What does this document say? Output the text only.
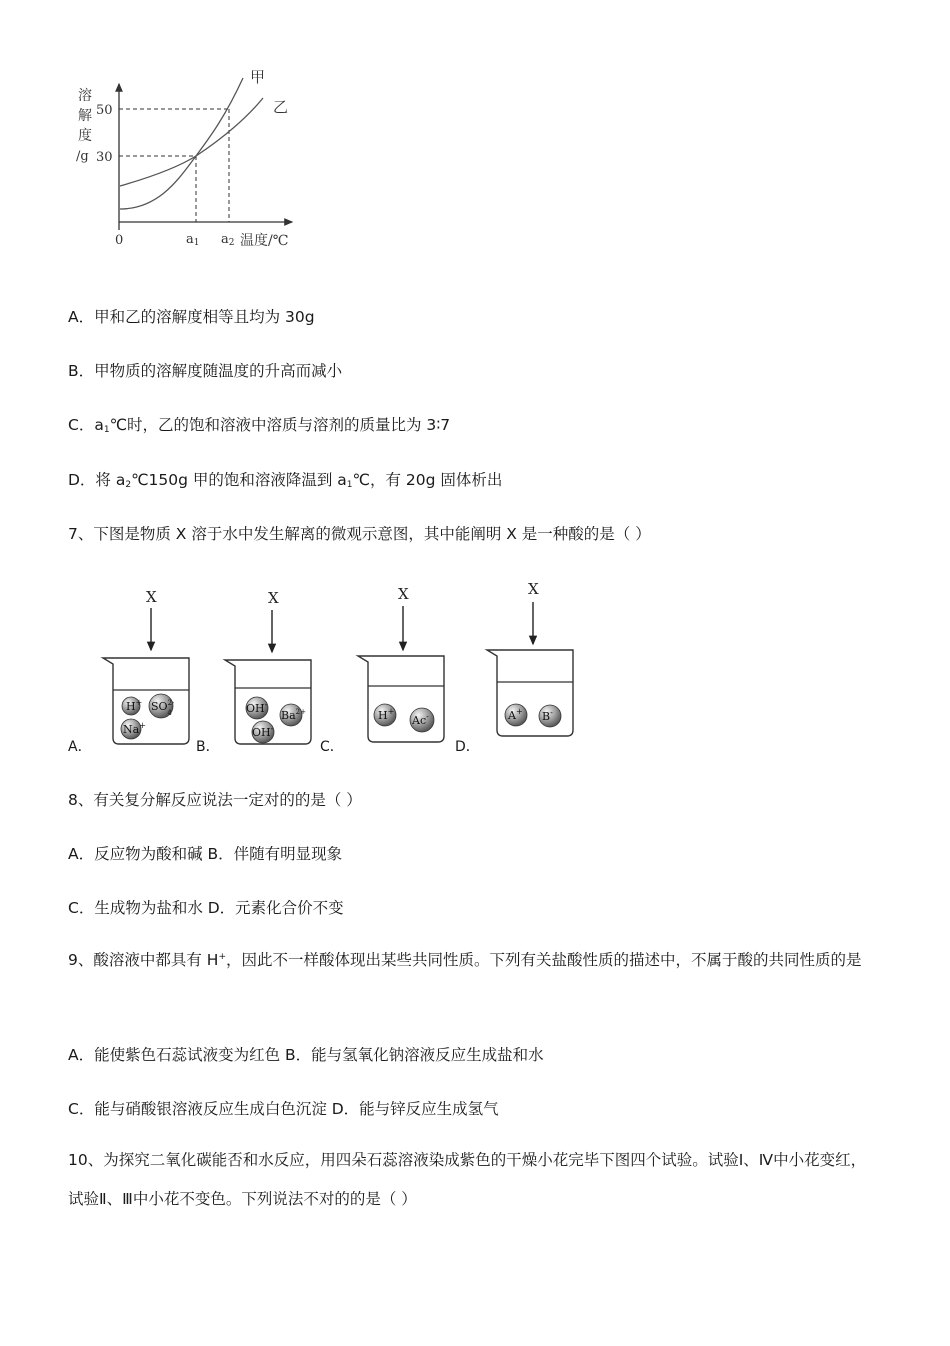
溶
解
度
/g
50
30
0	a1 a2 温度/℃
甲
乙
A．甲和乙的溶解度相等且均为 30g
B．甲物质的溶解度随温度的升高而减小
C．$a_1℃$时，乙的饱和溶液中溶质与溶剂的质量比为 3∶7
D．将 $a_2℃150g$ 甲的饱和溶液降温到 $a_1℃$，有 20g 固体析出
7、下图是物质 X 溶于水中发生解离的微观示意图，其中能阐明 X 是一种酸的是（ ）
X
H+ $SO^{2-}4$
Na+
X
OH-
$Ba^{2+}$
OH-
X
H+
Ac-
X
A+ B-
A．	B．	C．	D．
8、有关复分解反应说法一定对的的是（ ）
A．反应物为酸和碱 B．伴随有明显现象
C．生成物为盐和水 D．元素化合价不变
9、酸溶液中都具有 H+，因此不一样酸体现出某些共同性质。下列有关盐酸性质的描述中，不属于酸的共同性质的是
A．能使紫色石蕊试液变为红色 B．能与氢氧化钠溶液反应生成盐和水
C．能与硝酸银溶液反应生成白色沉淀 D．能与锌反应生成氢气
10、为探究二氧化碳能否和水反应，用四朵石蕊溶液染成紫色的干燥小花完毕下图四个试验。试验Ⅰ、Ⅳ中小花变红，试验Ⅱ、Ⅲ中小花不变色。下列说法不对的的是（ ）
